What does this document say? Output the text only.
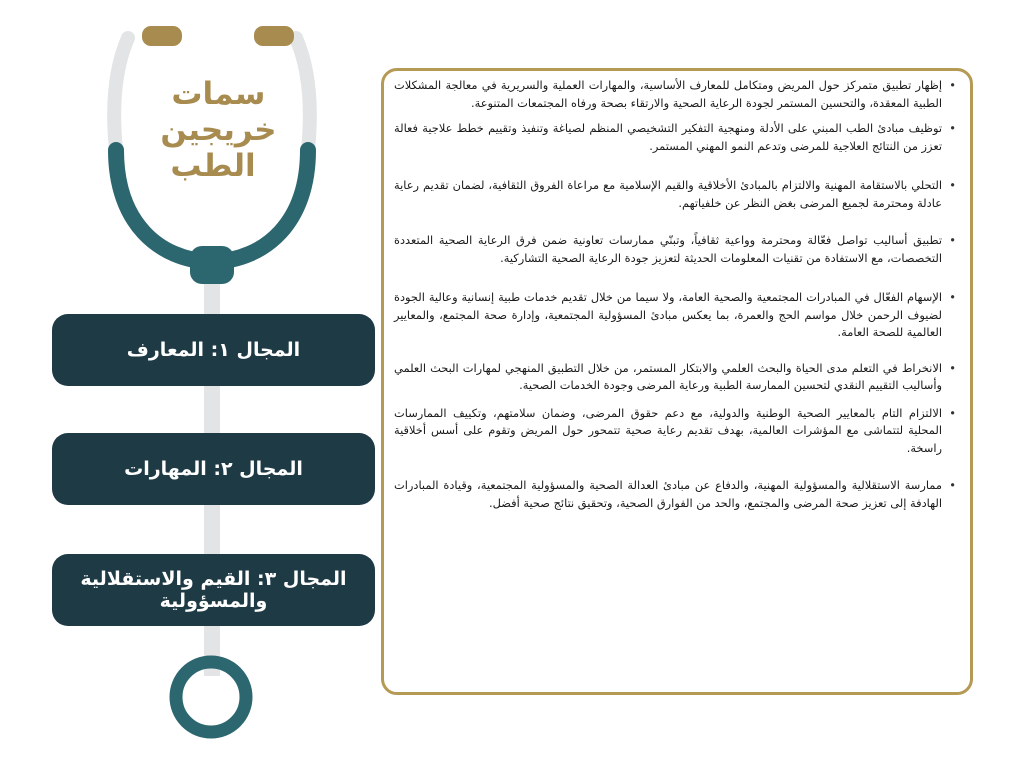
سمات خريجين الطب
المجال ١: المعارف
المجال ٢: المهارات
المجال ٣: القيم والاستقلالية والمسؤولية
• إظهار تطبيق متمركز حول المريض ومتكامل للمعارف الأساسية، والمهارات العملية والسريرية في معالجة المشكلات الطبية المعقدة، والتحسين المستمر لجودة الرعاية الصحية والارتقاء بصحة ورفاه المجتمعات المتنوعة.
• توظيف مبادئ الطب المبني على الأدلة ومنهجية التفكير التشخيصي المنظم لصياغة وتنفيذ وتقييم خطط علاجية فعالة تعزز من النتائج العلاجية للمرضى وتدعم النمو المهني المستمر.
• التحلي بالاستقامة المهنية والالتزام بالمبادئ الأخلاقية والقيم الإسلامية مع مراعاة الفروق الثقافية، لضمان تقديم رعاية عادلة ومحترمة لجميع المرضى بغض النظر عن خلفياتهم.
• تطبيق أساليب تواصل فعّالة ومحترمة وواعية ثقافياً، وتبنّي ممارسات تعاونية ضمن فرق الرعاية الصحية المتعددة التخصصات، مع الاستفادة من تقنيات المعلومات الحديثة لتعزيز جودة الرعاية الصحية التشاركية.
• الإسهام الفعّال في المبادرات المجتمعية والصحية العامة، ولا سيما من خلال تقديم خدمات طبية إنسانية وعالية الجودة لضيوف الرحمن خلال مواسم الحج والعمرة، بما يعكس مبادئ المسؤولية المجتمعية، وإدارة صحة المجتمع، والمعايير العالمية للصحة العامة.
• الانخراط في التعلم مدى الحياة والبحث العلمي والابتكار المستمر، من خلال التطبيق المنهجي لمهارات البحث العلمي وأساليب التقييم النقدي لتحسين الممارسة الطبية ورعاية المرضى وجودة الخدمات الصحية.
• الالتزام التام بالمعايير الصحية الوطنية والدولية، مع دعم حقوق المرضى، وضمان سلامتهم، وتكييف الممارسات المحلية لتتماشى مع المؤشرات العالمية، بهدف تقديم رعاية صحية تتمحور حول المريض وتقوم على أسس أخلاقية راسخة.
• ممارسة الاستقلالية والمسؤولية المهنية، والدفاع عن مبادئ العدالة الصحية والمسؤولية المجتمعية، وقيادة المبادرات الهادفة إلى تعزيز صحة المرضى والمجتمع، والحد من الفوارق الصحية، وتحقيق نتائج صحية أفضل.
